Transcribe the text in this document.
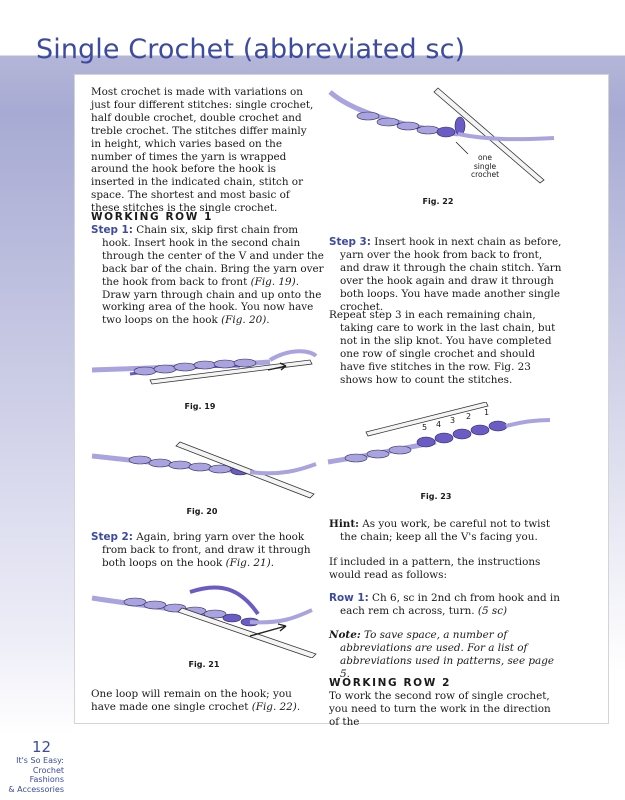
Single Crochet (abbreviated sc)

Most crochet is made with variations on just four different stitches: single crochet, half double crochet, double crochet and treble crochet. The stitches differ mainly in height, which varies based on the number of times the yarn is wrapped around the hook before the hook is inserted in the indicated chain, stitch or space. The shortest and most basic of these stitches is the single crochet.

WORKING ROW 1

Step 1: Chain six, skip first chain from hook. Insert hook in the second chain through the center of the V and under the back bar of the chain. Bring the yarn over the hook from back to front (Fig. 19). Draw yarn through chain and up onto the working area of the hook. You now have two loops on the hook (Fig. 20).

Fig. 19

Fig. 20

Step 2: Again, bring yarn over the hook from back to front, and draw it through both loops on the hook (Fig. 21).

Fig. 21

One loop will remain on the hook; you have made one single crochet (Fig. 22).

one
single
crochet

Fig. 22

Step 3: Insert hook in next chain as before, yarn over the hook from back to front, and draw it through the chain stitch. Yarn over the hook again and draw it through both loops. You have made another single crochet.

Repeat step 3 in each remaining chain, taking care to work in the last chain, but not in the slip knot. You have completed one row of single crochet and should have five stitches in the row. Fig. 23 shows how to count the stitches.

5 4 3 2 1

Fig. 23

Hint: As you work, be careful not to twist the chain; keep all the V's facing you.

If included in a pattern, the instructions would read as follows:

Row 1: Ch 6, sc in 2nd ch from hook and in each rem ch across, turn. (5 sc)

Note: To save space, a number of abbreviations are used. For a list of abbreviations used in patterns, see page 5.

WORKING ROW 2

To work the second row of single crochet, you need to turn the work in the direction of the

12

It's So Easy:
Crochet Fashions
& Accessories
